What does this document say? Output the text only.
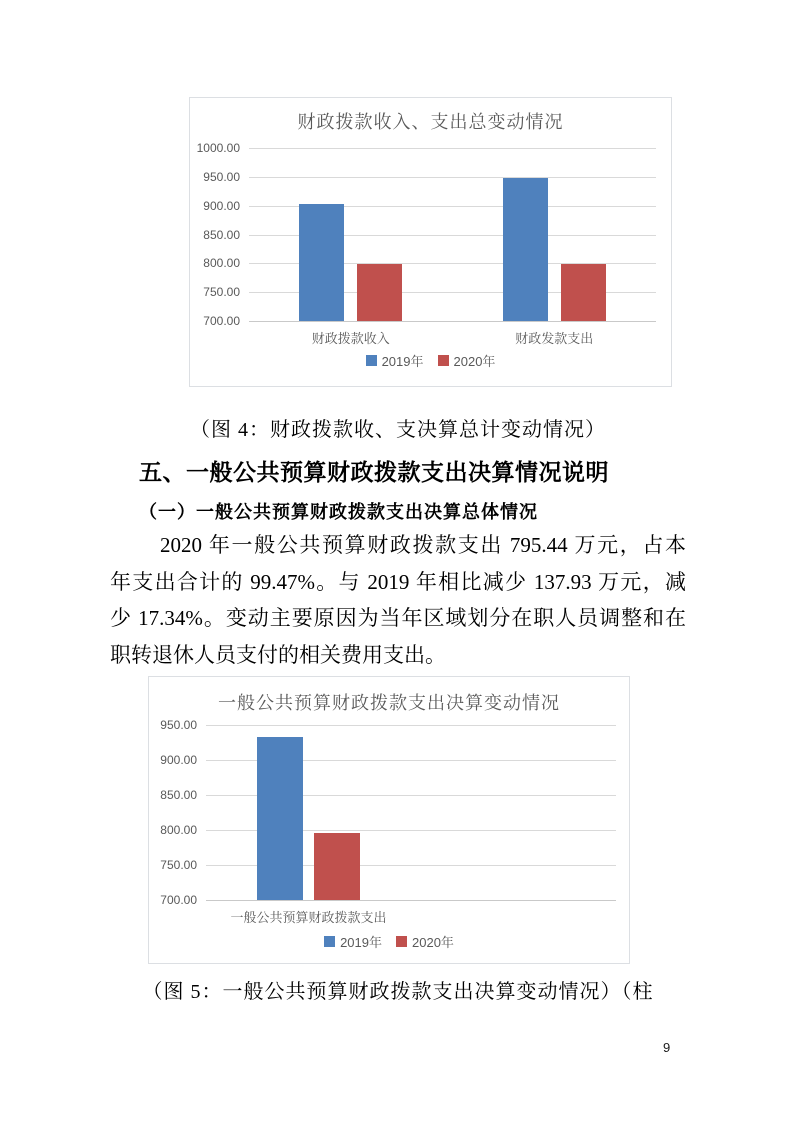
财政拨款收入、支出总变动情况
700.00
750.00
800.00
850.00
900.00
950.00
1000.00
财政拨款收入	财政发款支出
2019年 2020年
（图 4：财政拨款收、支决算总计变动情况）
五、一般公共预算财政拨款支出决算情况说明
（一）一般公共预算财政拨款支出决算总体情况
2020 年一般公共预算财政拨款支出 795.44 万元，占本
年支出合计的 99.47%。与 2019 年相比减少 137.93 万元，减
少 17.34%。变动主要原因为当年区域划分在职人员调整和在
职转退休人员支付的相关费用支出。
一般公共预算财政拨款支出决算变动情况
700.00
750.00
800.00
850.00
900.00
950.00
一般公共预算财政拨款支出
2019年 2020年
（图 5：一般公共预算财政拨款支出决算变动情况）（柱
9
